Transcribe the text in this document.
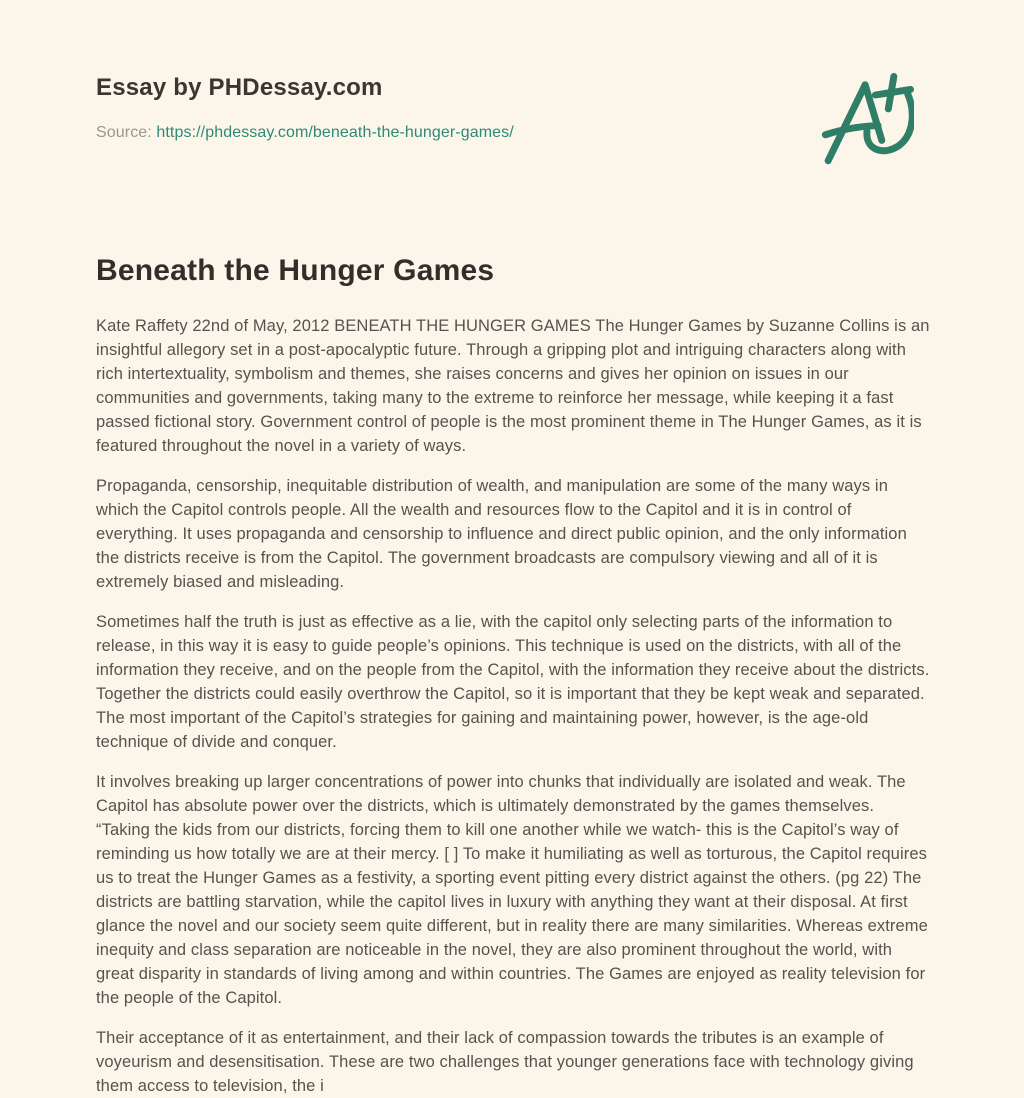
Essay by PHDessay.com
Source: https://phdessay.com/beneath-the-hunger-games/
Beneath the Hunger Games

Kate Raffety 22nd of May, 2012 BENEATH THE HUNGER GAMES The Hunger Games by Suzanne Collins is an insightful allegory set in a post-apocalyptic future. Through a gripping plot and intriguing characters along with rich intertextuality, symbolism and themes, she raises concerns and gives her opinion on issues in our communities and governments, taking many to the extreme to reinforce her message, while keeping it a fast passed fictional story. Government control of people is the most prominent theme in The Hunger Games, as it is featured throughout the novel in a variety of ways.

Propaganda, censorship, inequitable distribution of wealth, and manipulation are some of the many ways in which the Capitol controls people. All the wealth and resources flow to the Capitol and it is in control of everything. It uses propaganda and censorship to influence and direct public opinion, and the only information the districts receive is from the Capitol. The government broadcasts are compulsory viewing and all of it is extremely biased and misleading.

Sometimes half the truth is just as effective as a lie, with the capitol only selecting parts of the information to release, in this way it is easy to guide people’s opinions. This technique is used on the districts, with all of the information they receive, and on the people from the Capitol, with the information they receive about the districts. Together the districts could easily overthrow the Capitol, so it is important that they be kept weak and separated. The most important of the Capitol’s strategies for gaining and maintaining power, however, is the age-old technique of divide and conquer.

It involves breaking up larger concentrations of power into chunks that individually are isolated and weak. The Capitol has absolute power over the districts, which is ultimately demonstrated by the games themselves. “Taking the kids from our districts, forcing them to kill one another while we watch- this is the Capitol’s way of reminding us how totally we are at their mercy. [ ] To make it humiliating as well as torturous, the Capitol requires us to treat the Hunger Games as a festivity, a sporting event pitting every district against the others. (pg 22) The districts are battling starvation, while the capitol lives in luxury with anything they want at their disposal. At first glance the novel and our society seem quite different, but in reality there are many similarities. Whereas extreme inequity and class separation are noticeable in the novel, they are also prominent throughout the world, with great disparity in standards of living among and within countries. The Games are enjoyed as reality television for the people of the Capitol.

Their acceptance of it as entertainment, and their lack of compassion towards the tributes is an example of voyeurism and desensitisation. These are two challenges that younger generations face with technology giving them access to television, the i
